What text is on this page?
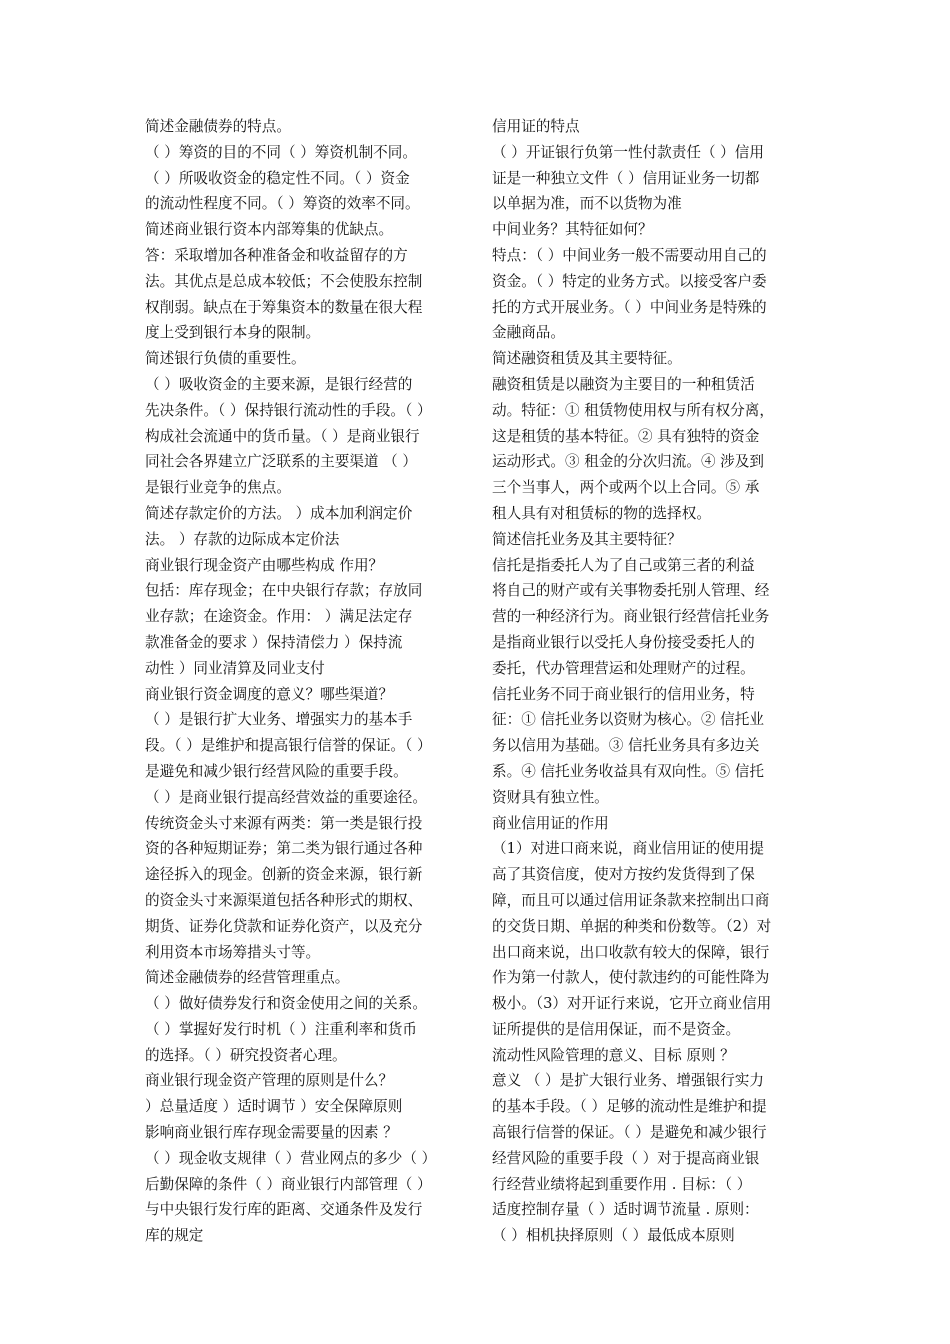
简述金融债券的特点。
（ ）筹资的目的不同（ ）筹资机制不同。
（ ）所吸收资金的稳定性不同。（ ）资金
的流动性程度不同。（ ）筹资的效率不同。
简述商业银行资本内部筹集的优缺点。
答：采取增加各种准备金和收益留存的方
法。其优点是总成本较低；不会使股东控制
权削弱。缺点在于筹集资本的数量在很大程
度上受到银行本身的限制。
简述银行负债的重要性。
（ ）吸收资金的主要来源，是银行经营的
先决条件。（ ）保持银行流动性的手段。（ ）
构成社会流通中的货币量。（ ）是商业银行
同社会各界建立广泛联系的主要渠道 （ ）
是银行业竞争的焦点。
简述存款定价的方法。 ）成本加利润定价
法。 ）存款的边际成本定价法
商业银行现金资产由哪些构成 作用？
包括：库存现金；在中央银行存款；存放同
业存款；在途资金。作用： ）满足法定存
款准备金的要求 ）保持清偿力 ）保持流
动性 ）同业清算及同业支付
商业银行资金调度的意义？哪些渠道？
（ ）是银行扩大业务、增强实力的基本手
段。（ ）是维护和提高银行信誉的保证。（ ）
是避免和减少银行经营风险的重要手段。
（ ）是商业银行提高经营效益的重要途径。
传统资金头寸来源有两类：第一类是银行投
资的各种短期证券；第二类为银行通过各种
途径拆入的现金。创新的资金来源，银行新
的资金头寸来源渠道包括各种形式的期权、
期货、证券化贷款和证券化资产，以及充分
利用资本市场筹措头寸等。
简述金融债券的经营管理重点。
（ ）做好债券发行和资金使用之间的关系。
（ ）掌握好发行时机（ ）注重利率和货币
的选择。（ ）研究投资者心理。
商业银行现金资产管理的原则是什么？
）总量适度 ）适时调节 ）安全保障原则
影响商业银行库存现金需要量的因素 ？
（ ）现金收支规律（ ）营业网点的多少（ ）
后勤保障的条件（ ）商业银行内部管理（ ）
与中央银行发行库的距离、交通条件及发行
库的规定
信用证的特点
（ ）开证银行负第一性付款责任（ ）信用
证是一种独立文件（ ）信用证业务一切都
以单据为准，而不以货物为准
中间业务？其特征如何？
特点：（ ）中间业务一般不需要动用自己的
资金。（ ）特定的业务方式。以接受客户委
托的方式开展业务。（ ）中间业务是特殊的
金融商品。
简述融资租赁及其主要特征。
融资租赁是以融资为主要目的一种租赁活
动。特征：① 租赁物使用权与所有权分离，
这是租赁的基本特征。② 具有独特的资金
运动形式。③ 租金的分次归流。④ 涉及到
三个当事人，两个或两个以上合同。⑤ 承
租人具有对租赁标的物的选择权。
简述信托业务及其主要特征？
信托是指委托人为了自己或第三者的利益
将自己的财产或有关事物委托别人管理、经
营的一种经济行为。商业银行经营信托业务
是指商业银行以受托人身份接受委托人的
委托，代办管理营运和处理财产的过程。
信托业务不同于商业银行的信用业务，特
征：① 信托业务以资财为核心。② 信托业
务以信用为基础。③ 信托业务具有多边关
系。④ 信托业务收益具有双向性。⑤ 信托
资财具有独立性。
商业信用证的作用
（1）对进口商来说，商业信用证的使用提
高了其资信度，使对方按约发货得到了保
障，而且可以通过信用证条款来控制出口商
的交货日期、单据的种类和份数等。（2）对
出口商来说，出口收款有较大的保障，银行
作为第一付款人，使付款违约的可能性降为
极小。（3）对开证行来说，它开立商业信用
证所提供的是信用保证，而不是资金。
流动性风险管理的意义、目标 原则 ？
意义 （ ）是扩大银行业务、增强银行实力
的基本手段。（ ）足够的流动性是维护和提
高银行信誉的保证。（ ）是避免和减少银行
经营风险的重要手段（ ）对于提高商业银
行经营业绩将起到重要作用 . 目标：（ ）
适度控制存量（ ）适时调节流量 . 原则：
（ ）相机抉择原则（ ）最低成本原则
